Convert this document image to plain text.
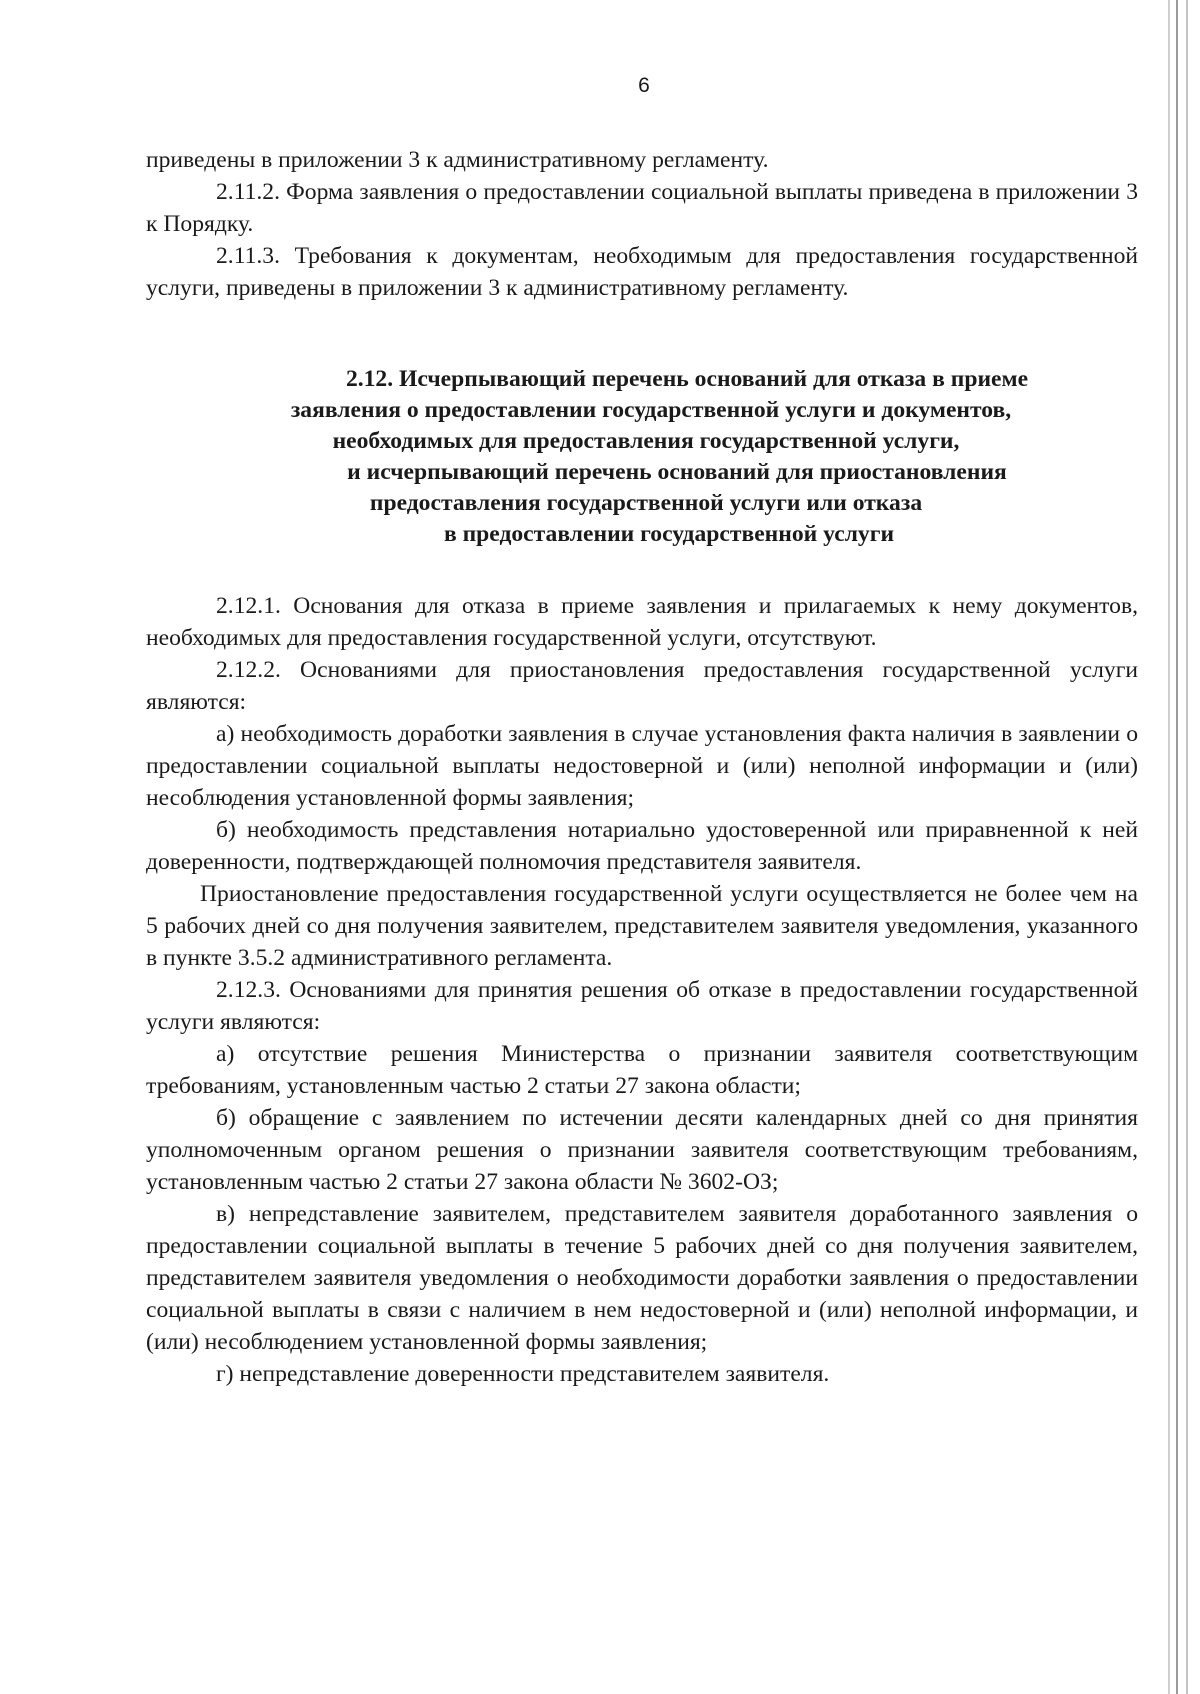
6

приведены в приложении 3 к административному регламенту.

2.11.2. Форма заявления о предоставлении социальной выплаты приведена в приложении 3 к Порядку.

2.11.3. Требования к документам, необходимым для предоставления государственной услуги, приведены в приложении 3 к административному регламенту.

2.12. Исчерпывающий перечень оснований для отказа в приеме
заявления о предоставлении государственной услуги и документов,
необходимых для предоставления государственной услуги,
и исчерпывающий перечень оснований для приостановления
предоставления государственной услуги или отказа
в предоставлении государственной услуги

2.12.1. Основания для отказа в приеме заявления и прилагаемых к нему документов, необходимых для предоставления государственной услуги, отсутствуют.

2.12.2. Основаниями для приостановления предоставления государственной услуги являются:

а) необходимость доработки заявления в случае установления факта наличия в заявлении о предоставлении социальной выплаты недостоверной и (или) неполной информации и (или) несоблюдения установленной формы заявления;

б) необходимость представления нотариально удостоверенной или приравненной к ней доверенности, подтверждающей полномочия представителя заявителя.

Приостановление предоставления государственной услуги осуществляется не более чем на 5 рабочих дней со дня получения заявителем, представителем заявителя уведомления, указанного в пункте 3.5.2 административного регламента.

2.12.3. Основаниями для принятия решения об отказе в предоставлении государственной услуги являются:

а) отсутствие решения Министерства о признании заявителя соответствующим требованиям, установленным частью 2 статьи 27 закона области;

б) обращение с заявлением по истечении десяти календарных дней со дня принятия уполномоченным органом решения о признании заявителя соответствующим требованиям, установленным частью 2 статьи 27 закона области № 3602-ОЗ;

в) непредставление заявителем, представителем заявителя доработанного заявления о предоставлении социальной выплаты в течение 5 рабочих дней со дня получения заявителем, представителем заявителя уведомления о необходимости доработки заявления о предоставлении социальной выплаты в связи с наличием в нем недостоверной и (или) неполной информации, и (или) несоблюдением установленной формы заявления;

г) непредставление доверенности представителем заявителя.
